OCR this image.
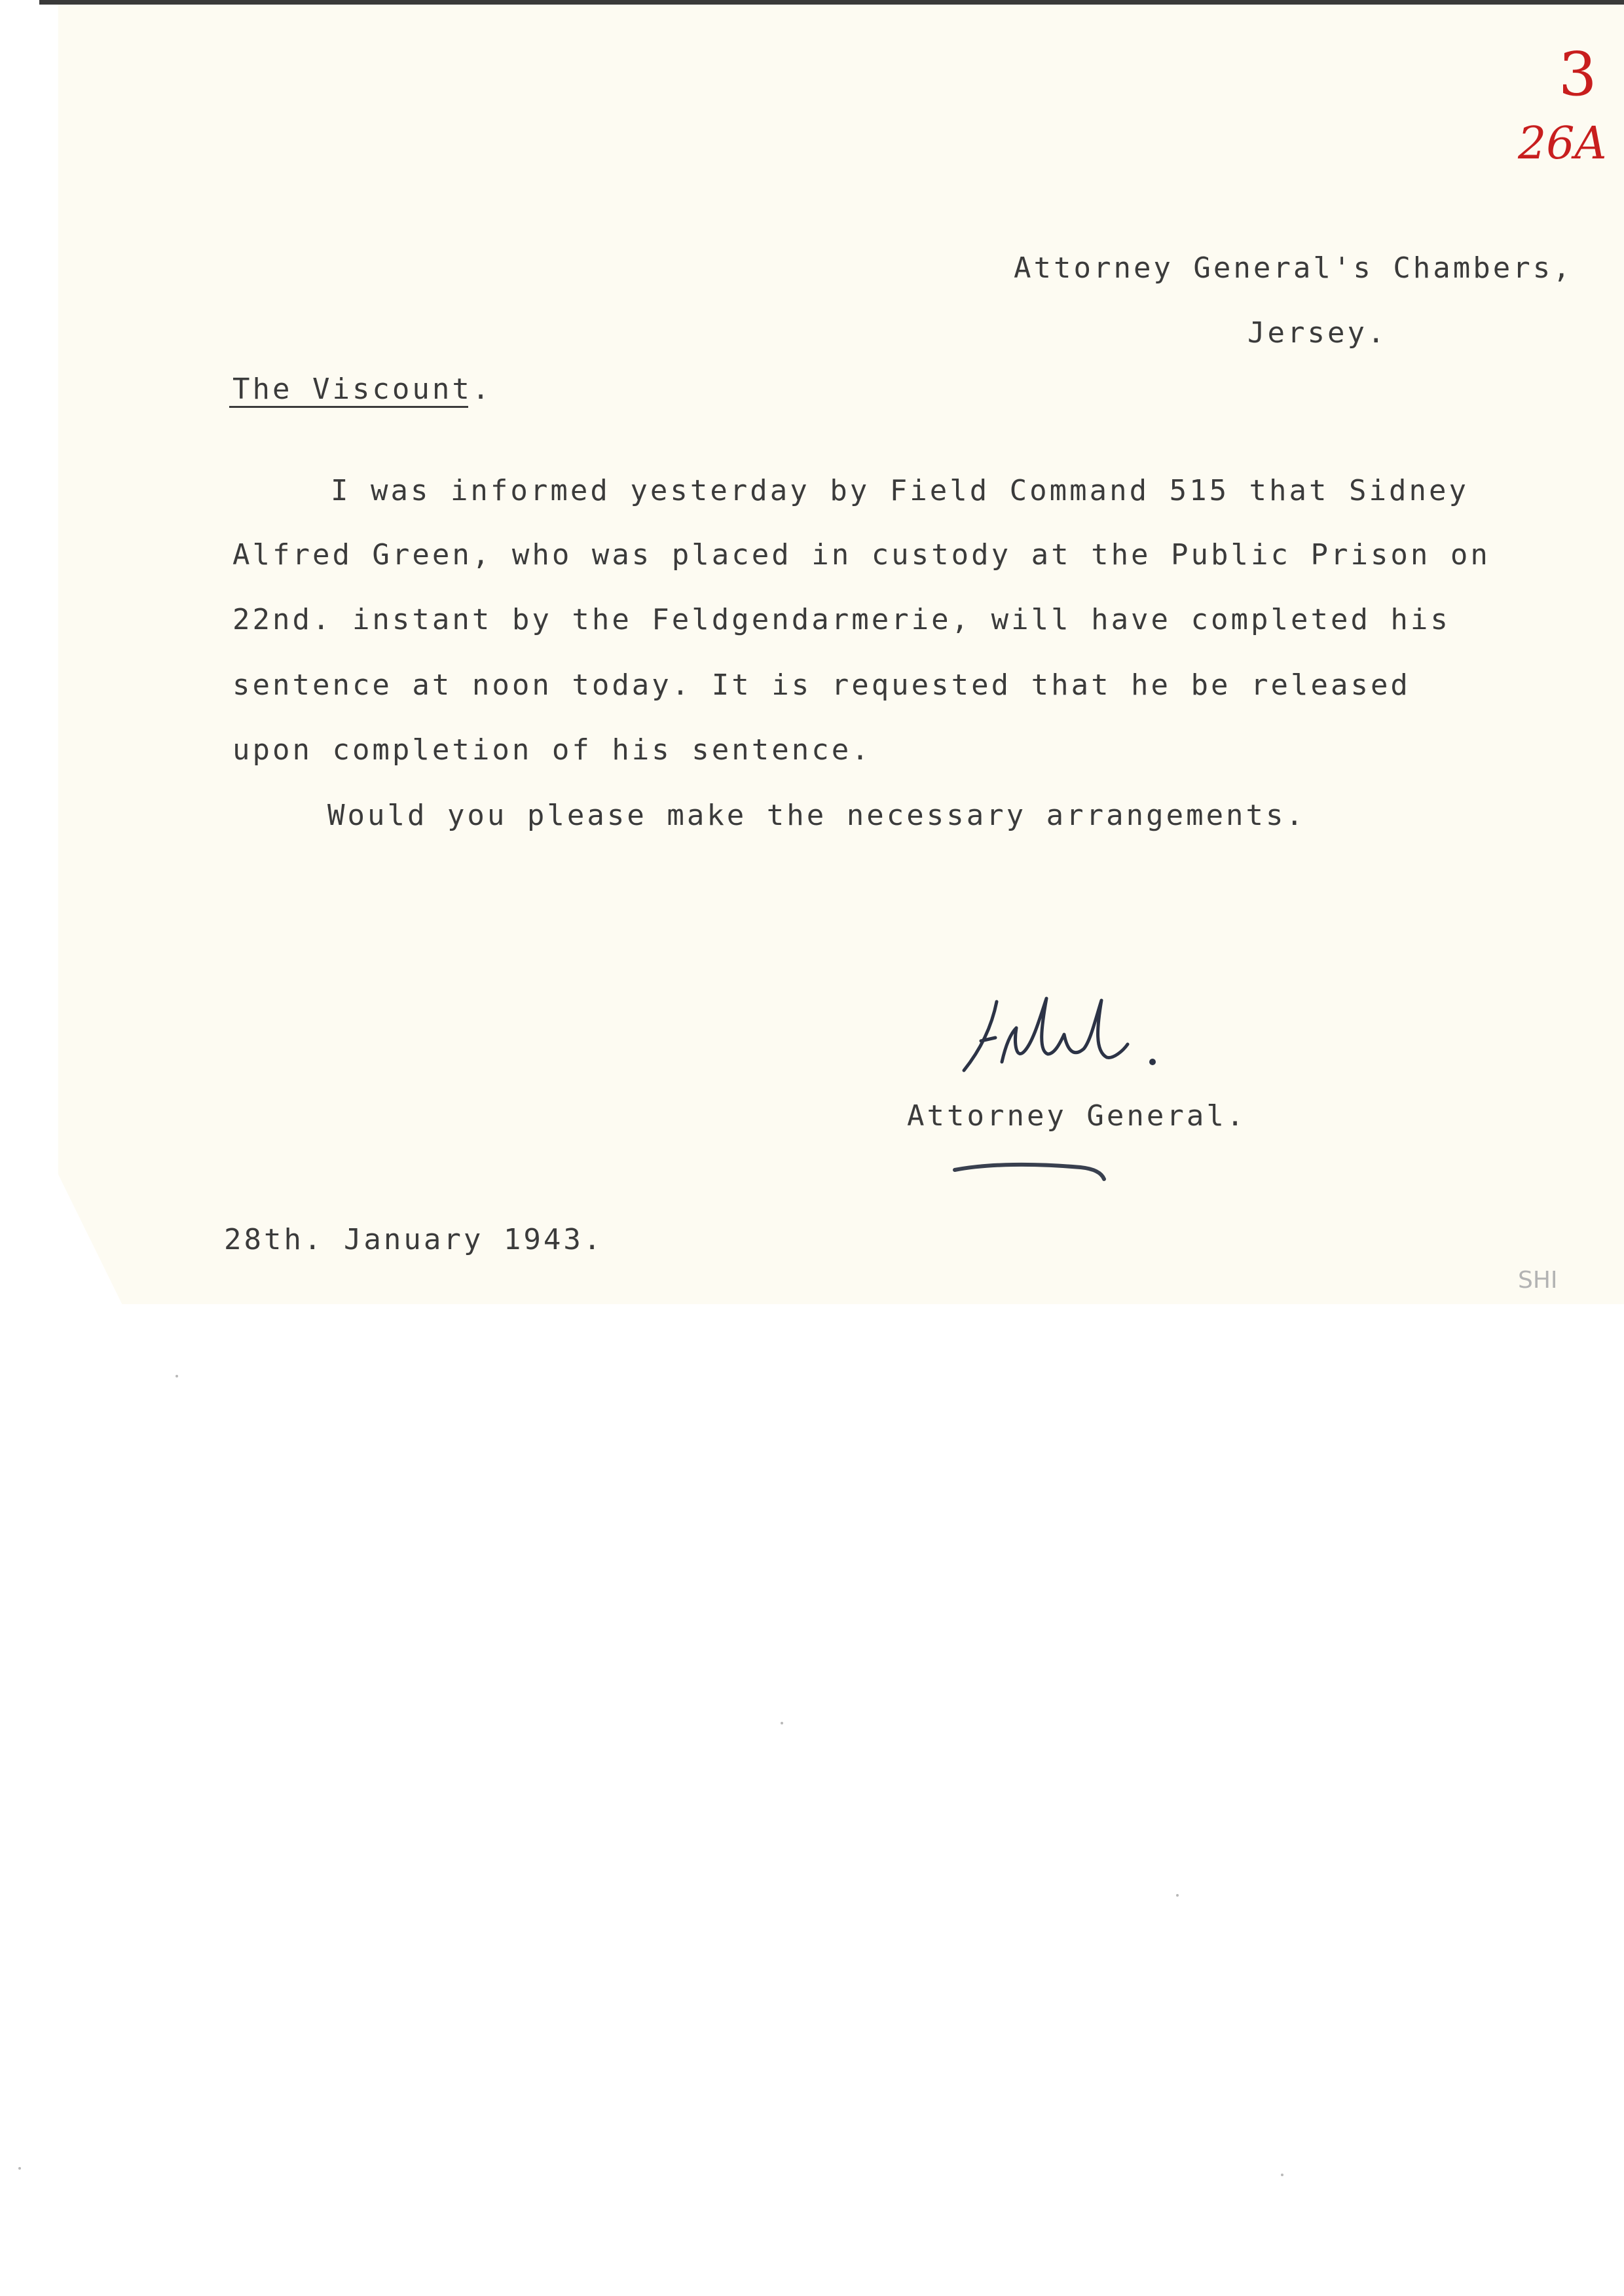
3
26A

Attorney General's Chambers,

Jersey.

The Viscount.

I was informed yesterday by Field Command 515 that Sidney

Alfred Green, who was placed in custody at the Public Prison on

22nd. instant by the Feldgendarmerie, will have completed his

sentence at noon today. It is requested that he be released

upon completion of his sentence.

Would you please make the necessary arrangements.

Attorney General.

28th. January 1943.

SHI
